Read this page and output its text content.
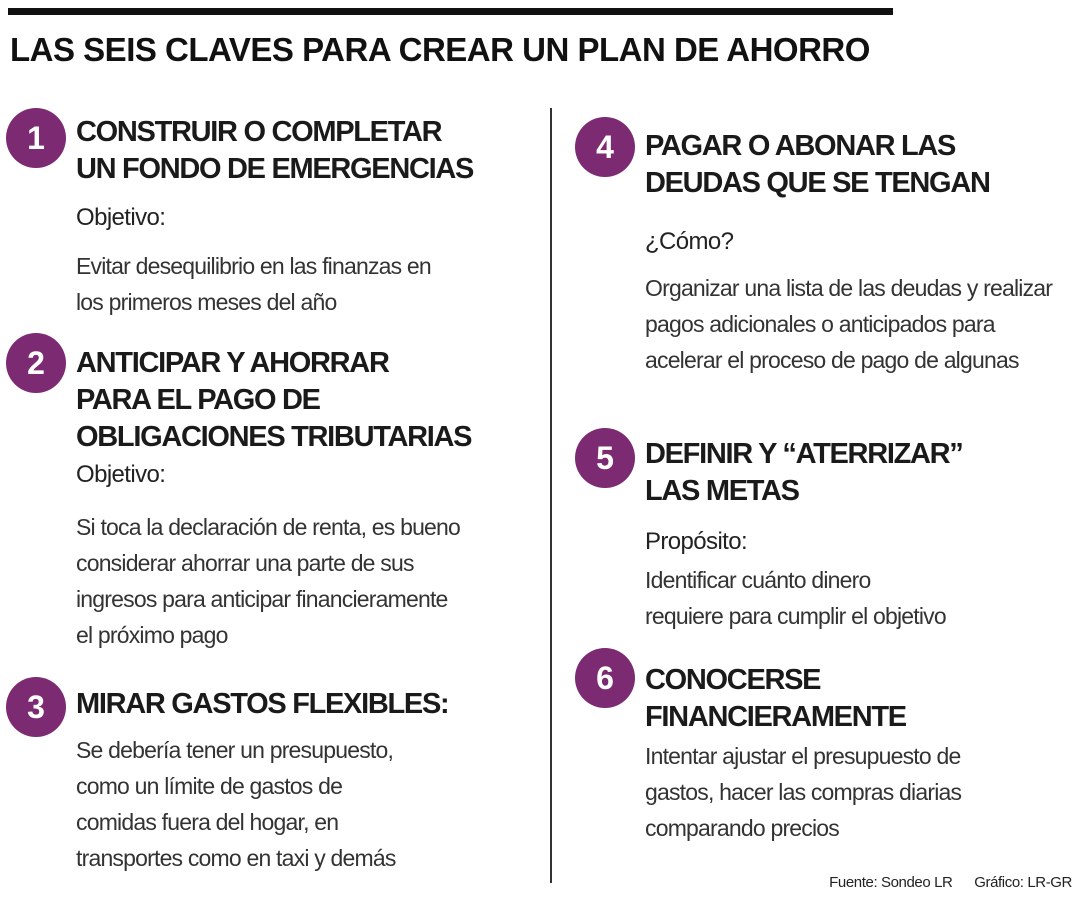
LAS SEIS CLAVES PARA CREAR UN PLAN DE AHORRO
1	CONSTRUIR O COMPLETAR
UN FONDO DE EMERGENCIAS
Objetivo:
Evitar desequilibrio en las finanzas en
los primeros meses del año
2	ANTICIPAR Y AHORRAR
PARA EL PAGO DE
OBLIGACIONES TRIBUTARIAS
Objetivo:
Si toca la declaración de renta, es bueno
considerar ahorrar una parte de sus
ingresos para anticipar financieramente
el próximo pago
3	MIRAR GASTOS FLEXIBLES:
Se debería tener un presupuesto,
como un límite de gastos de
comidas fuera del hogar, en
transportes como en taxi y demás
4	PAGAR O ABONAR LAS
DEUDAS QUE SE TENGAN
¿Cómo?
Organizar una lista de las deudas y realizar
pagos adicionales o anticipados para
acelerar el proceso de pago de algunas
5	DEFINIR Y “ATERRIZAR”
LAS METAS
Propósito:
Identificar cuánto dinero
requiere para cumplir el objetivo
6	CONOCERSE
FINANCIERAMENTE
Intentar ajustar el presupuesto de
gastos, hacer las compras diarias
comparando precios
Fuente: Sondeo LR Gráfico: LR-GR
